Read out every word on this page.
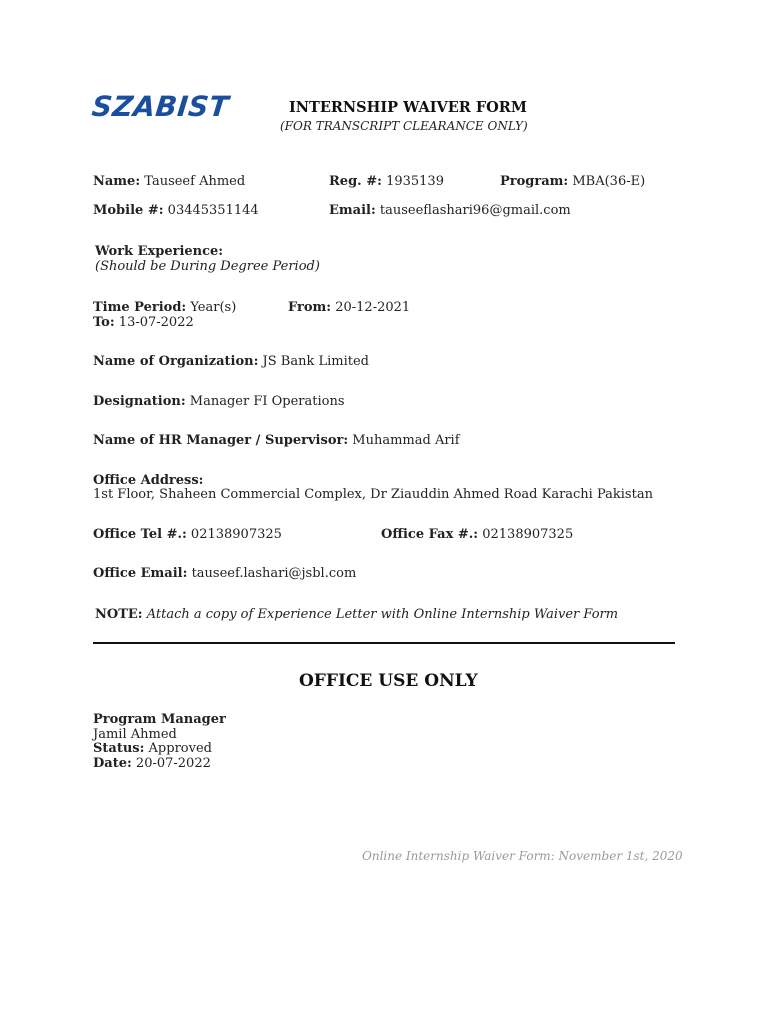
SZABIST	INTERNSHIP WAIVER FORM
(FOR TRANSCRIPT CLEARANCE ONLY)
Name: Tauseef Ahmed	Reg. #: 1935139	Program: MBA(36-E)
Mobile #: 03445351144	Email: tauseeflashari96@gmail.com
Work Experience:
(Should be During Degree Period)
Time Period: Year(s)	From: 20-12-2021
To: 13-07-2022
Name of Organization: JS Bank Limited
Designation: Manager FI Operations
Name of HR Manager / Supervisor: Muhammad Arif
Office Address:
1st Floor, Shaheen Commercial Complex, Dr Ziauddin Ahmed Road Karachi Pakistan
Office Tel #.: 02138907325	Office Fax #.: 02138907325
Office Email: tauseef.lashari@jsbl.com
NOTE: Attach a copy of Experience Letter with Online Internship Waiver Form
OFFICE USE ONLY
Program Manager
Jamil Ahmed
Status: Approved
Date: 20-07-2022
Online Internship Waiver Form: November 1st, 2020
